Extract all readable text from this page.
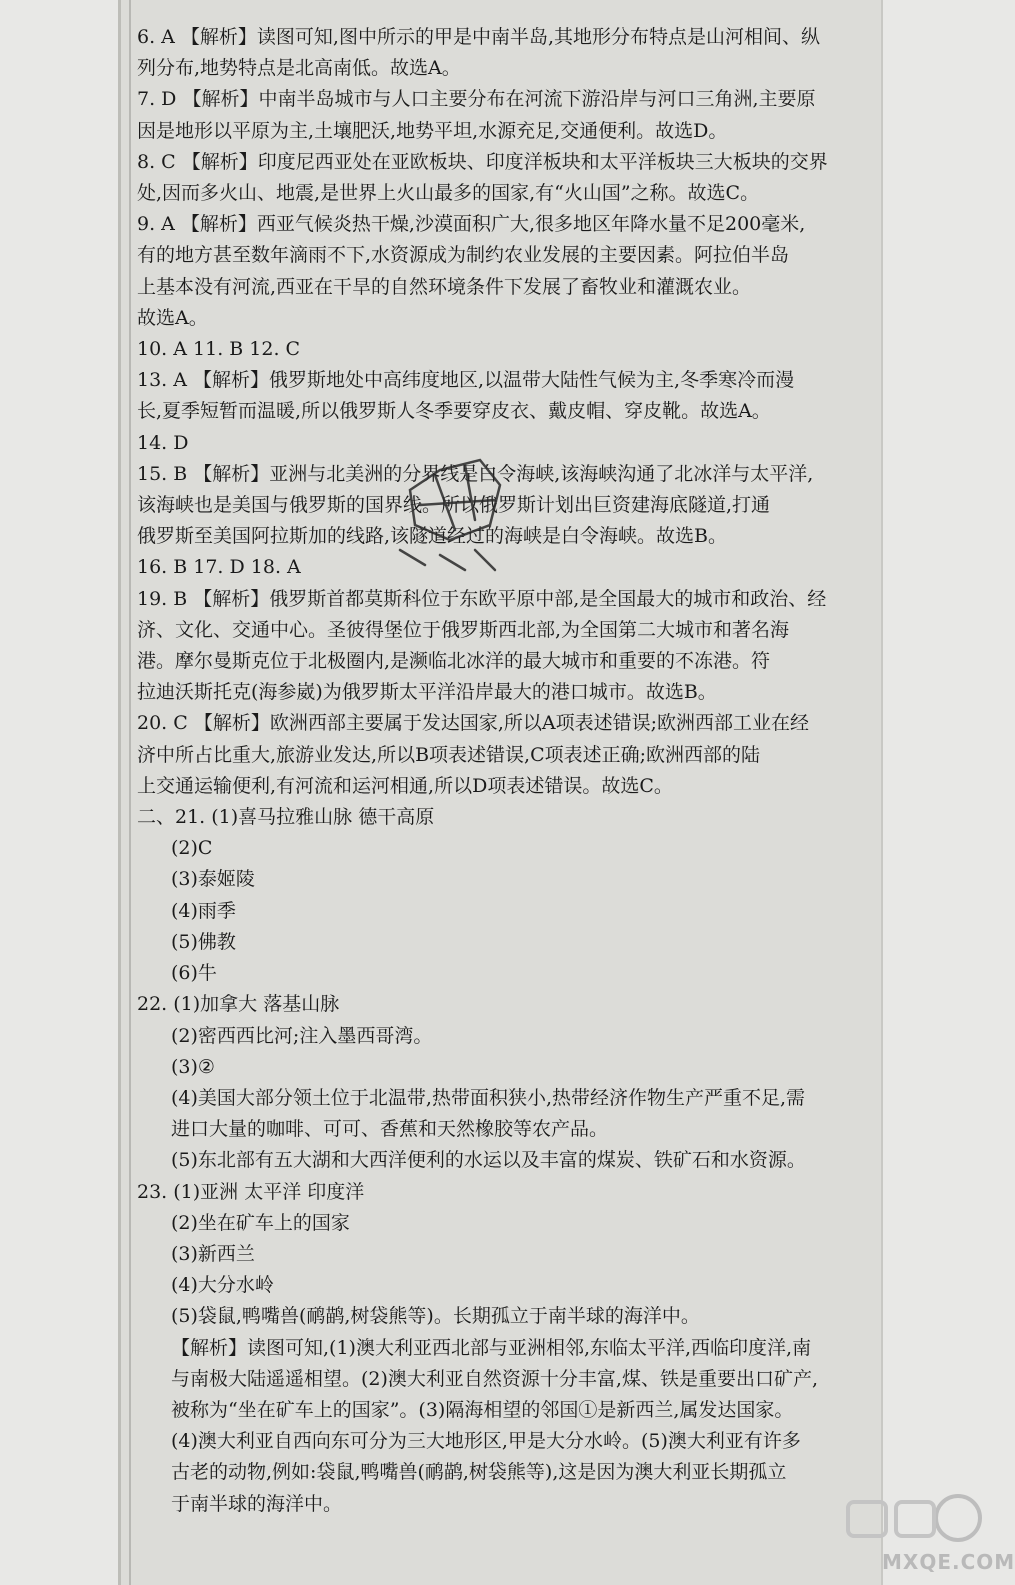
6. A 【解析】读图可知,图中所示的甲是中南半岛,其地形分布特点是山河相间、纵
列分布,地势特点是北高南低。故选A。
7. D 【解析】中南半岛城市与人口主要分布在河流下游沿岸与河口三角洲,主要原
因是地形以平原为主,土壤肥沃,地势平坦,水源充足,交通便利。故选D。
8. C 【解析】印度尼西亚处在亚欧板块、印度洋板块和太平洋板块三大板块的交界
处,因而多火山、地震,是世界上火山最多的国家,有“火山国”之称。故选C。
9. A 【解析】西亚气候炎热干燥,沙漠面积广大,很多地区年降水量不足200毫米,
有的地方甚至数年滴雨不下,水资源成为制约农业发展的主要因素。阿拉伯半岛
上基本没有河流,西亚在干旱的自然环境条件下发展了畜牧业和灌溉农业。
故选A。
10. A 11. B 12. C
13. A 【解析】俄罗斯地处中高纬度地区,以温带大陆性气候为主,冬季寒冷而漫
长,夏季短暂而温暖,所以俄罗斯人冬季要穿皮衣、戴皮帽、穿皮靴。故选A。
14. D
15. B 【解析】亚洲与北美洲的分界线是白令海峡,该海峡沟通了北冰洋与太平洋,
该海峡也是美国与俄罗斯的国界线。所以俄罗斯计划出巨资建海底隧道,打通
俄罗斯至美国阿拉斯加的线路,该隧道经过的海峡是白令海峡。故选B。
16. B 17. D 18. A
19. B 【解析】俄罗斯首都莫斯科位于东欧平原中部,是全国最大的城市和政治、经
济、文化、交通中心。圣彼得堡位于俄罗斯西北部,为全国第二大城市和著名海
港。摩尔曼斯克位于北极圈内,是濒临北冰洋的最大城市和重要的不冻港。符
拉迪沃斯托克(海参崴)为俄罗斯太平洋沿岸最大的港口城市。故选B。
20. C 【解析】欧洲西部主要属于发达国家,所以A项表述错误;欧洲西部工业在经
济中所占比重大,旅游业发达,所以B项表述错误,C项表述正确;欧洲西部的陆
上交通运输便利,有河流和运河相通,所以D项表述错误。故选C。
二、21. (1)喜马拉雅山脉 德干高原
(2)C
(3)泰姬陵
(4)雨季
(5)佛教
(6)牛
22. (1)加拿大 落基山脉
(2)密西西比河;注入墨西哥湾。
(3)②
(4)美国大部分领土位于北温带,热带面积狭小,热带经济作物生产严重不足,需
进口大量的咖啡、可可、香蕉和天然橡胶等农产品。
(5)东北部有五大湖和大西洋便利的水运以及丰富的煤炭、铁矿石和水资源。
23. (1)亚洲 太平洋 印度洋
(2)坐在矿车上的国家
(3)新西兰
(4)大分水岭
(5)袋鼠,鸭嘴兽(鸸鹋,树袋熊等)。长期孤立于南半球的海洋中。
【解析】读图可知,(1)澳大利亚西北部与亚洲相邻,东临太平洋,西临印度洋,南
与南极大陆遥遥相望。(2)澳大利亚自然资源十分丰富,煤、铁是重要出口矿产,
被称为“坐在矿车上的国家”。(3)隔海相望的邻国①是新西兰,属发达国家。
(4)澳大利亚自西向东可分为三大地形区,甲是大分水岭。(5)澳大利亚有许多
古老的动物,例如:袋鼠,鸭嘴兽(鸸鹋,树袋熊等),这是因为澳大利亚长期孤立
于南半球的海洋中。
MXQE.COM
